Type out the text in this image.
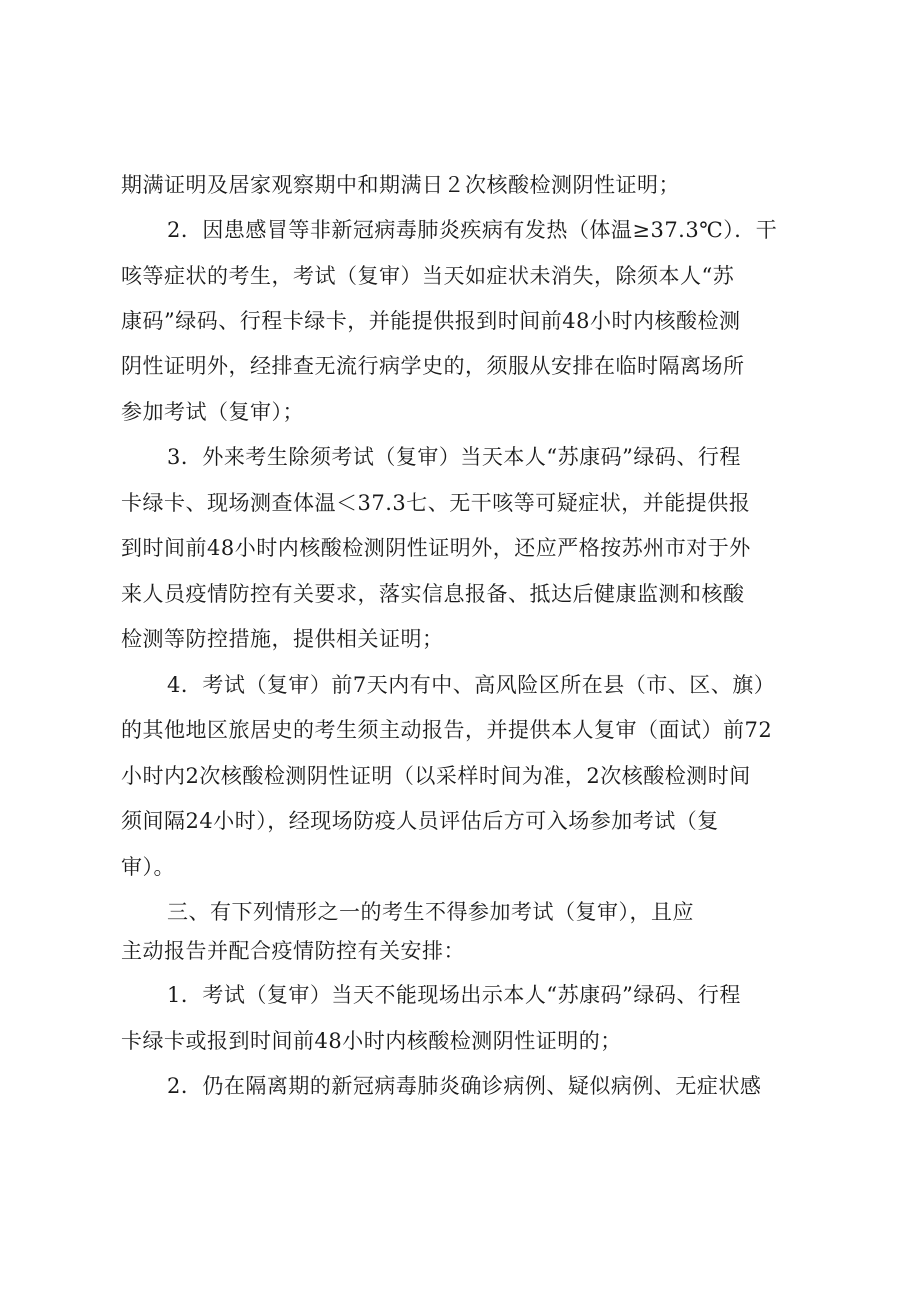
期满证明及居家观察期中和期满日２次核酸检测阴性证明；

2．因患感冒等非新冠病毒肺炎疾病有发热（体温≥37.3℃）．干

咳等症状的考生，考试（复审）当天如症状未消失，除须本人“苏

康码”绿码、行程卡绿卡，并能提供报到时间前48小时内核酸检测

阴性证明外，经排查无流行病学史的，须服从安排在临时隔离场所

参加考试（复审）；

3．外来考生除须考试（复审）当天本人“苏康码”绿码、行程

卡绿卡、现场测查体温＜37.3七、无干咳等可疑症状，并能提供报

到时间前48小时内核酸检测阴性证明外，还应严格按苏州市对于外

来人员疫情防控有关要求，落实信息报备、抵达后健康监测和核酸

检测等防控措施，提供相关证明；

4．考试（复审）前7天内有中、高风险区所在县（市、区、旗）

的其他地区旅居史的考生须主动报告，并提供本人复审（面试）前72

小时内2次核酸检测阴性证明（以采样时间为准，2次核酸检测时间

须间隔24小时），经现场防疫人员评估后方可入场参加考试（复

审）。

三、有下列情形之一的考生不得参加考试（复审），且应

主动报告并配合疫情防控有关安排：

1．考试（复审）当天不能现场出示本人“苏康码”绿码、行程

卡绿卡或报到时间前48小时内核酸检测阴性证明的；

2．仍在隔离期的新冠病毒肺炎确诊病例、疑似病例、无症状感
